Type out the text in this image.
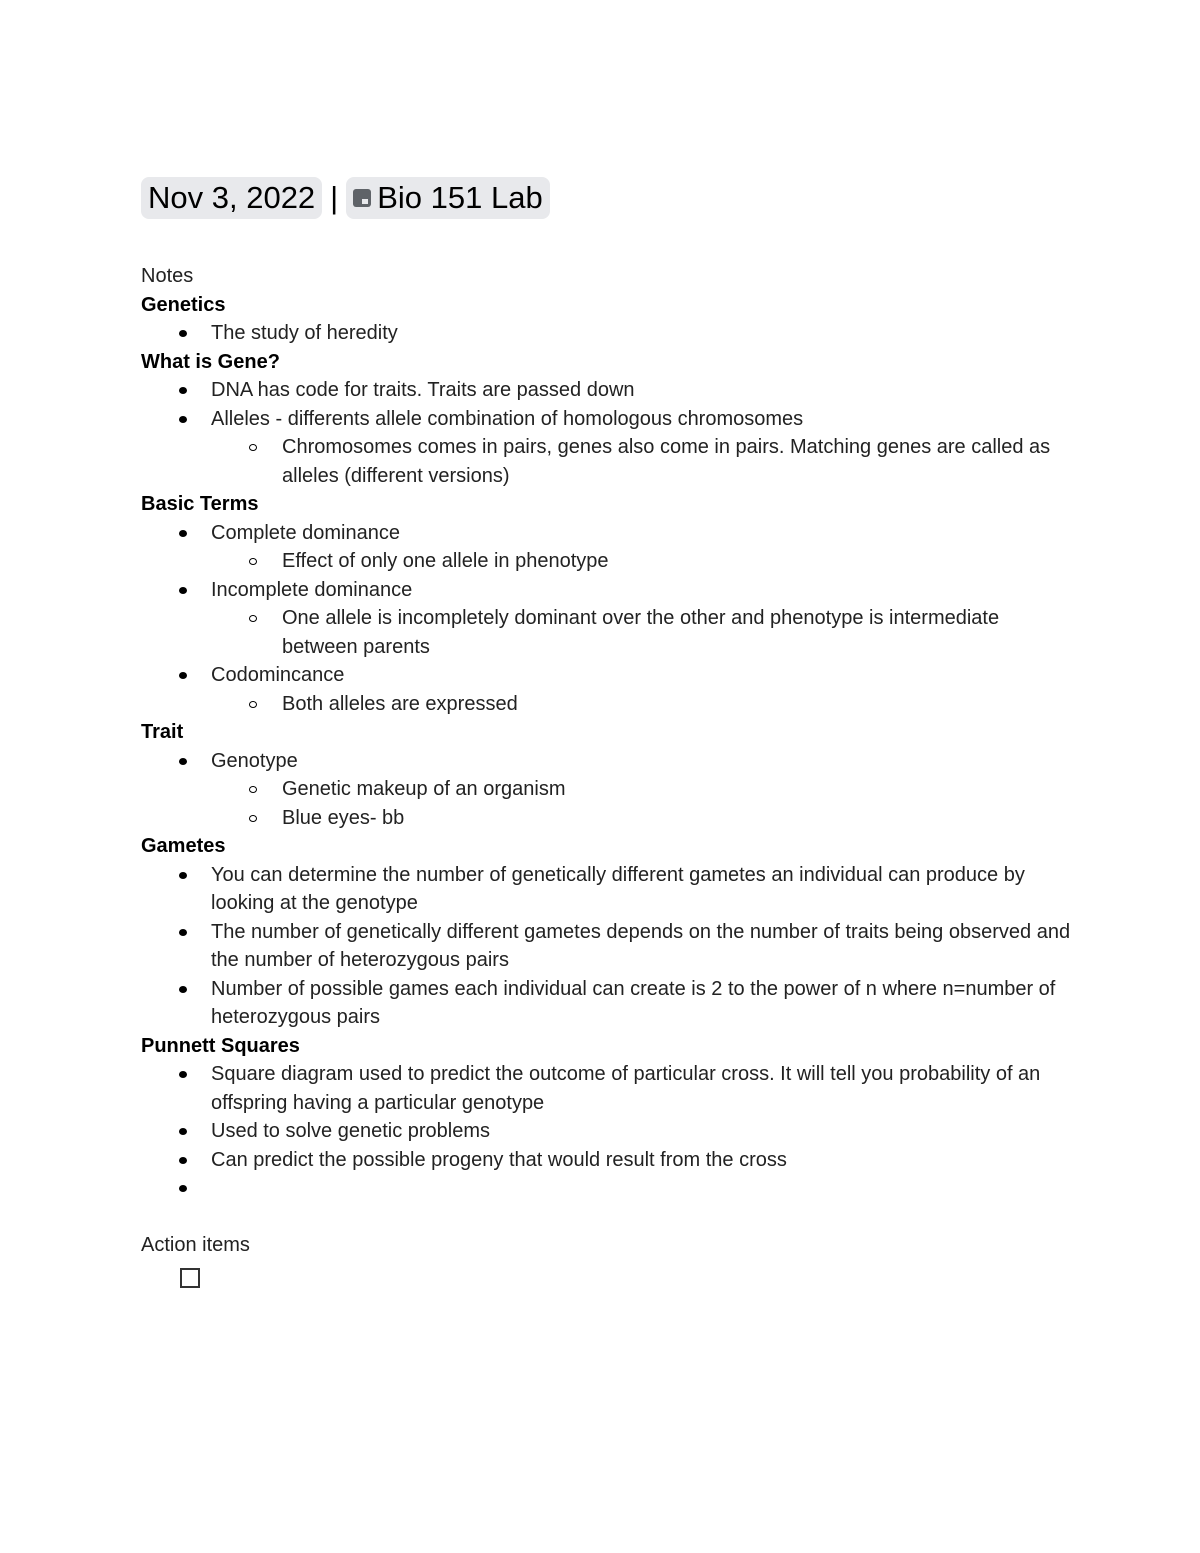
Nov 3, 2022 | Bio 151 Lab
Notes
Genetics
The study of heredity
What is Gene?
DNA has code for traits. Traits are passed down
Alleles - differents allele combination of homologous chromosomes
Chromosomes comes in pairs, genes also come in pairs. Matching genes are called as alleles (different versions)
Basic Terms
Complete dominance
Effect of only one allele in phenotype
Incomplete dominance
One allele is incompletely dominant over the other and phenotype is intermediate between parents
Codomincance
Both alleles are expressed
Trait
Genotype
Genetic makeup of an organism
Blue eyes- bb
Gametes
You can determine the number of genetically different gametes an individual can produce by looking at the genotype
The number of genetically different gametes depends on the number of traits being observed and the number of heterozygous pairs
Number of possible games each individual can create is 2 to the power of n where n=number of heterozygous pairs
Punnett Squares
Square diagram used to predict the outcome of particular cross. It will tell you probability of an offspring having a particular genotype
Used to solve genetic problems
Can predict the possible progeny that would result from the cross
Action items
